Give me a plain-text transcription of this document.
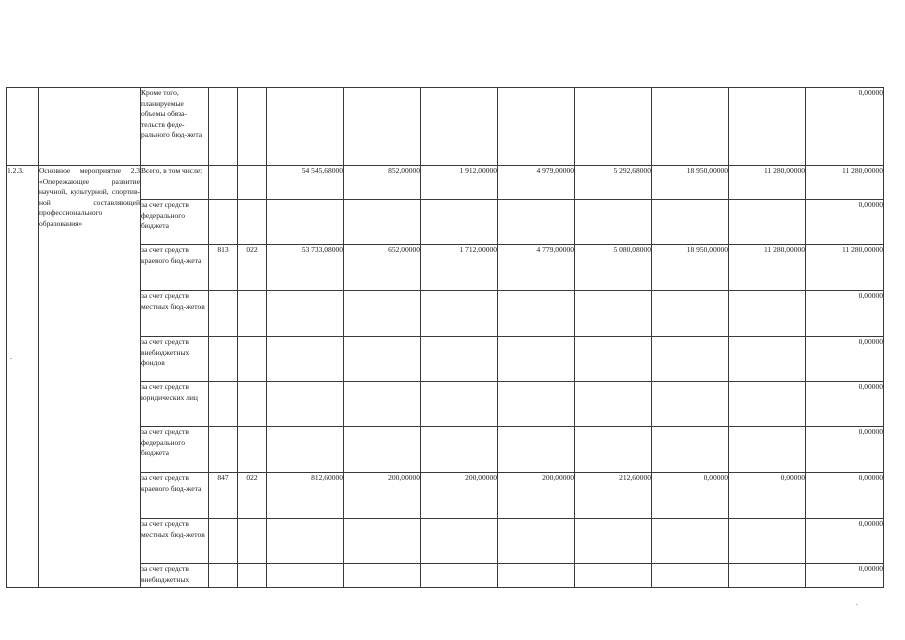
		Кроме того, планируемые объемы обяза-тельств феде-рального бюд-жета										0,00000
1.2.3.	Основное мероприятие 2.3 «Опережающее развитие научной, культурной, спортив-ной составляющей профессионального образования»	Всего, в том числе:			54 545,68000	852,00000	1 912,00000	4 979,00000	5 292,68000	18 950,00000	11 280,00000	11 280,00000
		за счет средств федерального бюджета										0,00000
		за счет средств краевого бюд-жета	813	022	53 733,08000	652,00000	1 712,00000	4 779,00000	5 080,08000	18 950,00000	11 280,00000	11 280,00000
		за счет средств местных бюд-жетов										0,00000
		за счет средств внебюджетных фондов										0,00000
		за счет средств юридических лиц										0,00000
		за счет средств федерального бюджета										0,00000
		за счет средств краевого бюд-жета	847	022	812,60000	200,00000	200,00000	200,00000	212,60000	0,00000	0,00000	0,00000
		за счет средств местных бюд-жетов										0,00000
		за счет средств внебюджетных										0,00000
